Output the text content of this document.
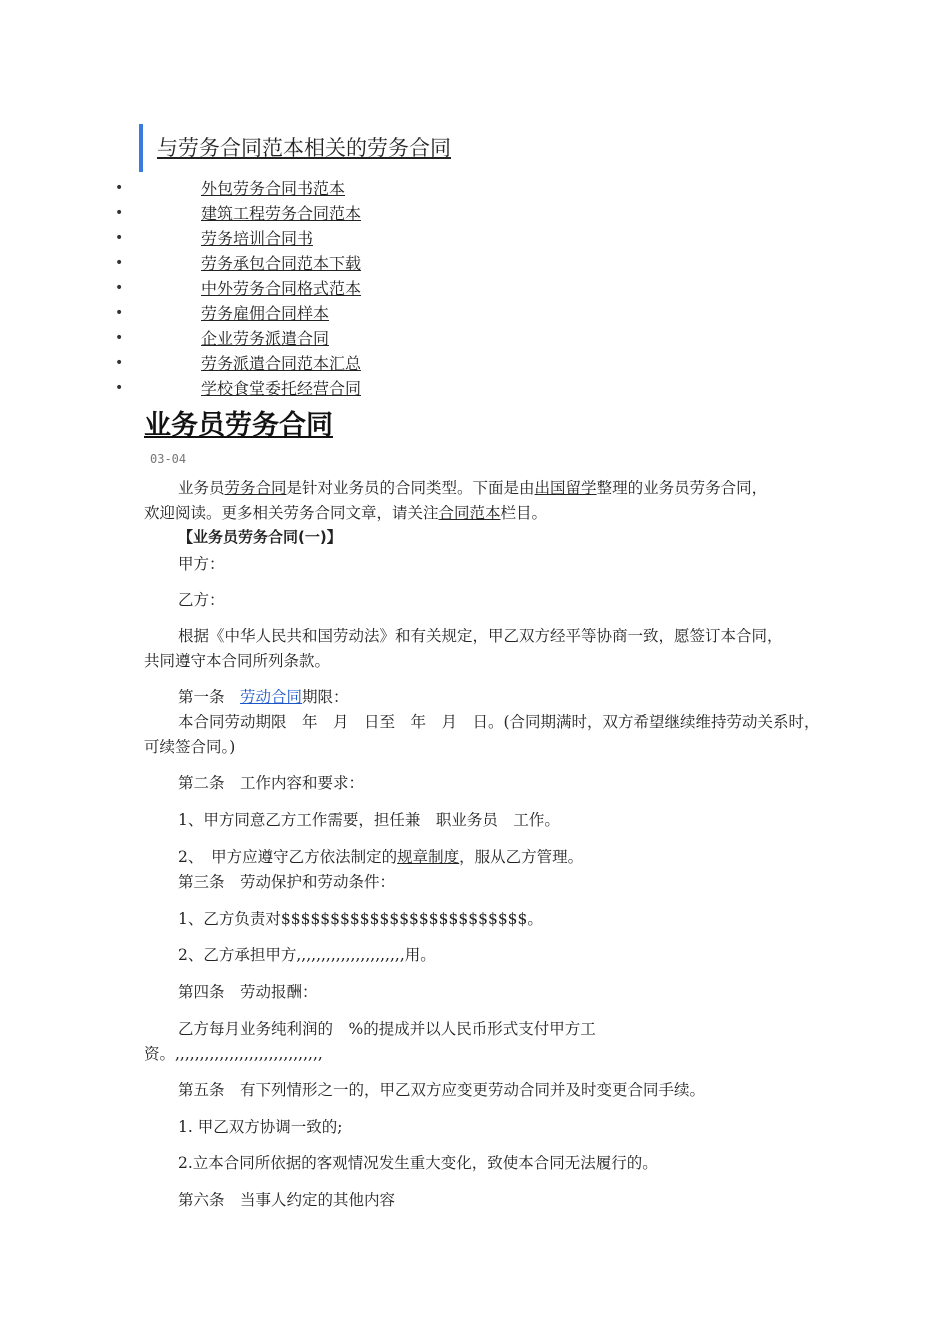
与劳务合同范本相关的劳务合同
•	外包劳务合同书范本
•	建筑工程劳务合同范本
•	劳务培训合同书
•	劳务承包合同范本下载
•	中外劳务合同格式范本
•	劳务雇佣合同样本
•	企业劳务派遣合同
•	劳务派遣合同范本汇总
•	学校食堂委托经营合同
业务员劳务合同
03-04

业务员劳务合同是针对业务员的合同类型。下面是由出国留学整理的业务员劳务合同，

欢迎阅读。更多相关劳务合同文章，请关注合同范本栏目。

【业务员劳务合同(一)】

甲方：

乙方：

根据《中华人民共和国劳动法》和有关规定，甲乙双方经平等协商一致，愿签订本合同，

共同遵守本合同所列条款。

第一条　劳动合同期限：

本合同劳动期限　年　月　日至　年　月　日。(合同期满时，双方希望继续维持劳动关系时，

可续签合同。)

第二条　工作内容和要求：

1、甲方同意乙方工作需要，担任兼　职业务员　工作。

2、　甲方应遵守乙方依法制定的规章制度，服从乙方管理。

第三条　劳动保护和劳动条件：

1、乙方负责对$$$$$$$$$$$$$$$$$$$$$$$$$。

2、乙方承担甲方,,,,,,,,,,,,,,,,,,,,,,用。

第四条　劳动报酬：

乙方每月业务纯利润的　%的提成并以人民币形式支付甲方工

资。,,,,,,,,,,,,,,,,,,,,,,,,,,,,,,

第五条　有下列情形之一的，甲乙双方应变更劳动合同并及时变更合同手续。

1. 甲乙双方协调一致的;

2.立本合同所依据的客观情况发生重大变化，致使本合同无法履行的。

第六条　当事人约定的其他内容
